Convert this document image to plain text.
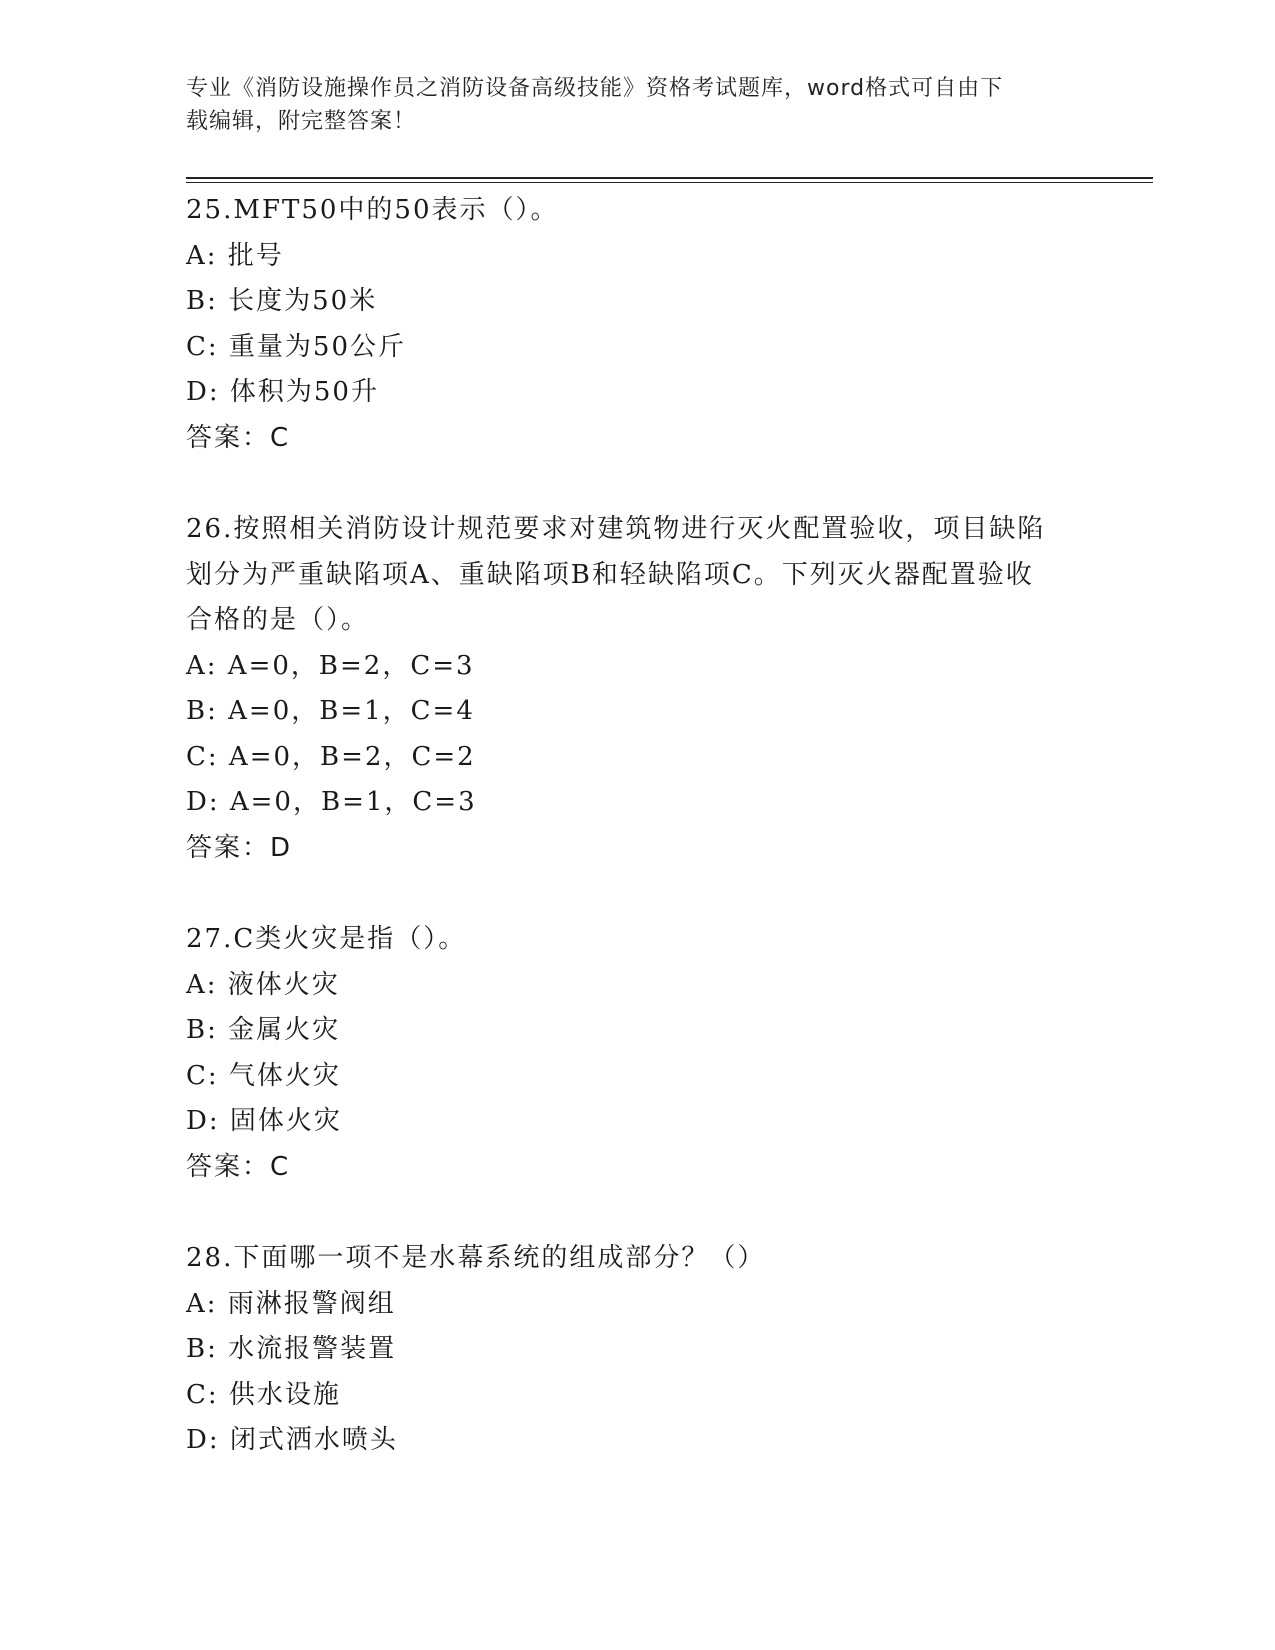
专业《消防设施操作员之消防设备高级技能》资格考试题库，word格式可自由下
载编辑，附完整答案！
25.MFT50中的50表示（）。
A: 批号
B: 长度为50米
C: 重量为50公斤
D: 体积为50升
答案：C
26.按照相关消防设计规范要求对建筑物进行灭火配置验收，项目缺陷
划分为严重缺陷项A、重缺陷项B和轻缺陷项C。下列灭火器配置验收
合格的是（）。
A: A=0，B=2，C=3
B: A=0，B=1，C=4
C: A=0，B=2，C=2
D: A=0，B=1，C=3
答案：D
27.C类火灾是指（）。
A: 液体火灾
B: 金属火灾
C: 气体火灾
D: 固体火灾
答案：C
28.下面哪一项不是水幕系统的组成部分？（）
A: 雨淋报警阀组
B: 水流报警装置
C: 供水设施
D: 闭式洒水喷头
